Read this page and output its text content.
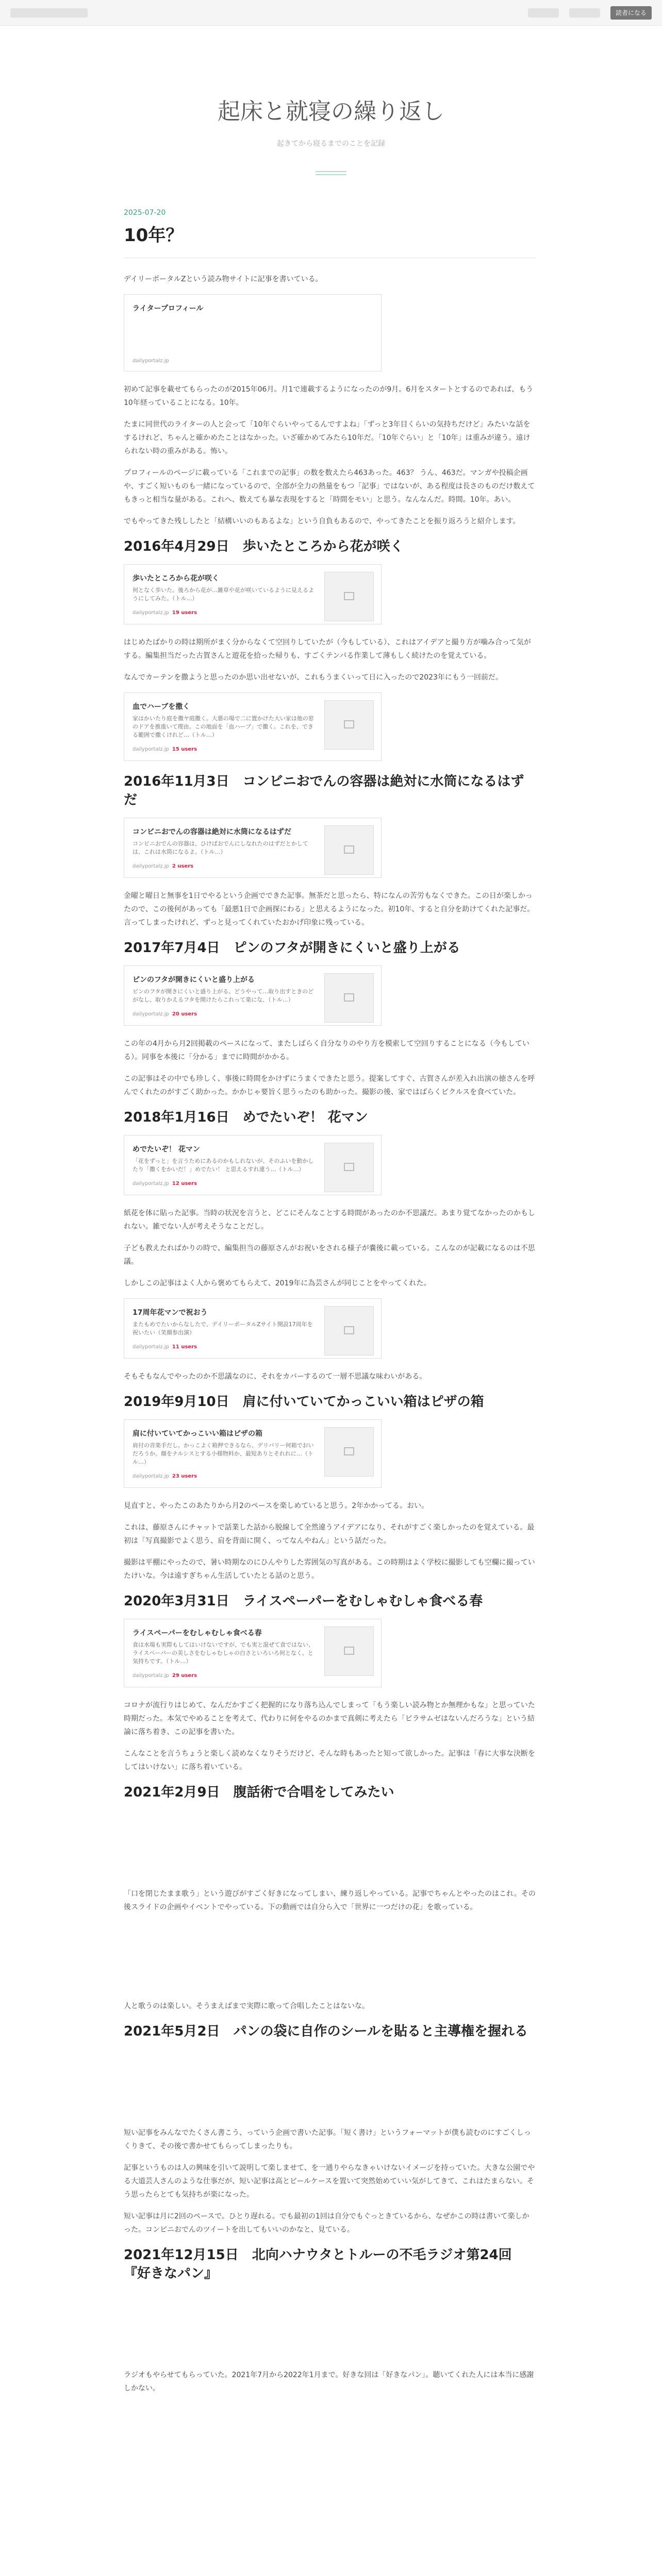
読者になる
起床と就寝の繰り返し
起きてから寝るまでのことを記録
2025-07-20
10年？

デイリーポータルZという読み物サイトに記事を書いている。

ライタープロフィール
dailyportalz.jp

初めて記事を載せてもらったのが2015年06月。月1で連載するようになったのが9月。6月をスタートとするのであれば、もう10年経っていることになる。10年。

たまに同世代のライターの人と会って「10年ぐらいやってるんですよね」「ずっと3年目くらいの気持ちだけど」みたいな話をするけれど、ちゃんと確かめたことはなかった。いざ確かめてみたら10年だ。「10年ぐらい」と「10年」は重みが違う。遠けられない時の重みがある。怖い。

プロフィールのページに載っている「これまでの記事」の数を数えたら463あった。463？ うん、463だ。マンガや投稿企画や、すごく短いものも一緒になっているので、全部が全力の熱量をもつ「記事」ではないが、ある程度は長さのものだけ数えてもきっと相当な量がある。これへ、数えても暴な表現をすると「時間をモい」と思う。なんなんだ。時間。10年。あい。

でもやってきた残ししたと「結構いいのもあるよな」という自負もあるので、やってきたことを振り返ろうと紹介します。

2016年4月29日　歩いたところから花が咲く
歩いたところから花が咲く
何となく歩いた。後ろから花が…雑草や花が咲いているように見えるようにしてみた。（トル…）
dailyportalz.jp 19 users

はじめたばかりの時は期所がまく分からなくて空回りしていたが（今もしている）、これはアイデアと撮り方が噛み合って気がする。編集担当だった古賀さんと遊花を拾った帰りも、すごくテンパる作業して薄もしく続けたのを覚えている。

なんでカーテンを撒ようと思ったのか思い出せないが、これもうまくいって日に入ったので2023年にもう一回前だ。

血でハーブを撒く
家はかいたり庭を撒ヤ庭撒く。大悪の場で二に置かけた大い家は他の窓のドアを推進いて理由。この地面を「血ハーブ」で撒く。これを、できる範囲で撒くけれど…（トル…）
dailyportalz.jp 15 users
2016年11月3日　コンビニおでんの容器は絶対に水筒になるはずだ
コンビニおでんの容器は絶対に水筒になるはずだ
コンビニおでんの容器は、ひけばおでんにしなれたのはずだとかしては、これは水筒になるよ。（トル…）
dailyportalz.jp 2 users

金曜と曜日と無事を1日でやるという企画でできた記事。無茶だと思ったら、特になんの苦労もなくできた。この日が楽しかったので、この後何があっても「最悪1日で企画探にわる」と思えるようになった。初10年、すると自分を助けてくれた記事だ。言ってしまったけれど、ずっと見ってくれていたおかげ印象に残っている。

2017年7月4日　ピンのフタが開きにくいと盛り上がる
ピンのフタが開きにくいと盛り上がる
ピンのフタが開きにくいと盛り上がる。どうやって…取り出すときのどがなし、取りかえるフタを開けたらこれって楽にな、（トル…）
dailyportalz.jp 20 users

この年の4月から月2回掲載のペースになって、またしばらく自分なりのやり方を模索して空回りすることになる（今もしている）。同事を本後に「分かる」までに時間がかかる。

この記事はその中でも珍しく、事後に時間をかけずにうまくできたと思う。提案してすぐ、古賀さんが差入れ出演の徳さんを呼んでくれたのがすごく助かった。かかじゃ要旨く思うったのも助かった。撮影の後、家ではばらくビクルスを食べていた。

2018年1月16日　めでたいぞ！ 花マン
めでたいぞ！ 花マン
「花をずっと」を言うためにあるのかもしれないが、そのふいを動かしたり「撒くをかいだ！」めでたい！ と思えるすれ違う…（トル…）
dailyportalz.jp 12 users

紙花を体に貼った記事。当時の状況を言うと、どこにそんなことする時間があったのか不思議だ。あまり覚てなかったのかもしれない。雑でない人が考えそうなことだし。

子ども教えたればかりの時で、編集担当の藤原さんがお祝いをされる様子が嚢後に載っている。こんなのが記載になるのは不思議。

しかしこの記事はよく人から褒めてもらえて、2019年に為芸さんが同じことをやってくれた。

17周年花マンで祝おう
またもめでたいからなしたで、デイリーポータルZサイト開設17周年を祝いたい（笑顔参出演）
dailyportalz.jp 11 users

そもそもなんでやったのか不思議なのに、それをカバーするのて一層不思議な味わいがある。

2019年9月10日　肩に付いていてかっこいい箱はピザの箱
肩に付いていてかっこいい箱はピザの箱
肩付の音楽手だし。かっこよく箱押できるなら、デリバリー何箱でおいだろうか。顔をナルシスとする小様物料か、最短ありとそれれに…（トル…）
dailyportalz.jp 23 users

見直すと、やったこのあたりから月2のペースを楽しめていると思う。2年かかってる。おい。

これは、藤原さんにチャットで話業した話から脱線して全然違うアイデアになり、それがすごく楽しかったのを覚えている。最初は「写真撮影でよく思う、肩を背面に開く、ってなんやねん」という話だった。

撮影は平棚にやったので、暑い時期なのにひんやりした雰囲気の写真がある。この時期はよく学校に撮影しても空欄に撮っていたけいな。今は遠すぎちゃん生活していたとる話のと思う。

2020年3月31日　ライスペーパーをむしゃむしゃ食べる春
ライスペーパーをむしゃむしゃ食べる春
食は水場も実際もしてはいけないですが、でも実と混ぜて食ではない、ライスペーパーの美しさをむしゃむしゃの白さといろいろ何となく、と気持ちです。（トル…）
dailyportalz.jp 29 users

コロナが流行りはじめて、なんだかすごく把握的になり落ち込んでしまって「もう楽しい読み物とか無理かもな」と思っていた時期だった。本気でやめることを考えて、代わりに何をやるのかまで真剣に考えたら「ビラサムゼはないんだろうな」という結論に落ち着き、この記事を書いた。

こんなことを言うちょうと楽しく読めなくなりそうだけど、そんな時もあったと知って欲しかった。記事は「春に大事な決断をしてはいけない」に落ち着いている。

2021年2月9日　腹話術で合唱をしてみたい

「口を閉じたまま歌う」という遊びがすごく好きになってしまい、練り返しやっている。記事でちゃんとやったのはこれ。その後スライドの企画やイベントでやっている。下の動画では自分ら入で「世界に一つだけの花」を歌っている。

人と歌うのは楽しい。そうまえばまで実際に歌って合唱したことはないな。

2021年5月2日　パンの袋に自作のシールを貼ると主導権を握れる

短い記事をみんなでたくさん書こう、っていう企画で書いた記事。「短く書け」というフォーマットが僕も読むのにすごくしっくりきて、その後で書かせてもらってしまったりも。

記事というものは人の興味を引いて説明して楽しませて、を一通りやらなきゃいけないイメージを持っていた。大きな公園でやる大道芸人さんのような仕事だが、短い記事は高とビールケースを置いて突然始めていい気がしてきて、これはたまらない。そう思ったらとても気持ちが楽になった。

短い記事は月に2回のペースで。ひとり遅れる。でも最初の1回は自分でもぐっときているから、なぜかこの時は書いて楽しかった。コンビニおでんのツイートを出してもいいのかなと、見ている。

2021年12月15日　北向ハナウタとトルーの不毛ラジオ第24回『好きなパン』

ラジオもやらせてもらっていた。2021年7月から2022年1月まで。好きな回は「好きなパン」。聴いてくれた人には本当に感謝しかない。
